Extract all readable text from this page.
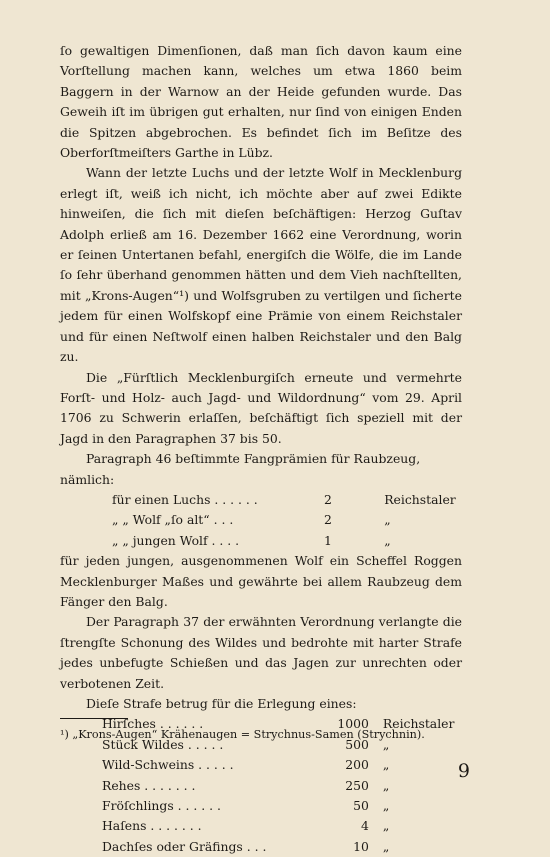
ſo gewaltigen Dimenſionen, daß man ſich davon kaum eine Vorſtellung machen kann, welches um etwa 1860 beim Baggern in der Warnow an der Heide gefunden wurde. Das Geweih iſt im übrigen gut erhalten, nur ſind von einigen Enden die Spitzen abgebrochen. Es befindet ſich im Beſitze des Oberforſtmeiſters Garthe in Lübz.

Wann der letzte Luchs und der letzte Wolf in Mecklenburg erlegt iſt, weiß ich nicht, ich möchte aber auf zwei Edikte hinweiſen, die ſich mit dieſen beſchäftigen: Herzog Guſtav Adolph erließ am 16. Dezember 1662 eine Verordnung, worin er ſeinen Untertanen befahl, energiſch die Wölfe, die im Lande ſo ſehr überhand genommen hätten und dem Vieh nachſtellten, mit „Krons-Augen“¹) und Wolfsgruben zu vertilgen und ſicherte jedem für einen Wolfskopf eine Prämie von einem Reichstaler und für einen Neſtwolf einen halben Reichstaler und den Balg zu.

Die „Fürſtlich Mecklenburgiſch erneute und vermehrte Forſt- und Holz- auch Jagd- und Wildordnung“ vom 29. April 1706 zu Schwerin erlaſſen, beſchäftigt ſich speziell mit der Jagd in den Paragraphen 37 bis 50.

Paragraph 46 beſtimmte Fangprämien für Raubzeug, nämlich:

für einen Luchs . . . . . .	2	Reichstaler
„ „ Wolf „ſo alt“ . . .	2	„
„ „ jungen Wolf . . . .	1	„

für jeden jungen, ausgenommenen Wolf ein Scheffel Roggen Mecklenburger Maßes und gewährte bei allem Raubzeug dem Fänger den Balg.

Der Paragraph 37 der erwähnten Verordnung verlangte die ſtrengſte Schonung des Wildes und bedrohte mit harter Strafe jedes unbefugte Schießen und das Jagen zur unrechten oder verbotenen Zeit.

Dieſe Strafe betrug für die Erlegung eines:

Hirſches . . . . . .	1000	Reichstaler
Stück Wildes . . . . .	500	„
Wild-Schweins . . . . .	200	„
Rehes . . . . . . .	250	„
Fröſchlings . . . . . .	50	„
Haſens . . . . . . .	4	„
Dachſes oder Gräfings . . .	10	„
¹) „Krons-Augen“ Krähenaugen = Strychnus-Samen (Strychnin).
9
